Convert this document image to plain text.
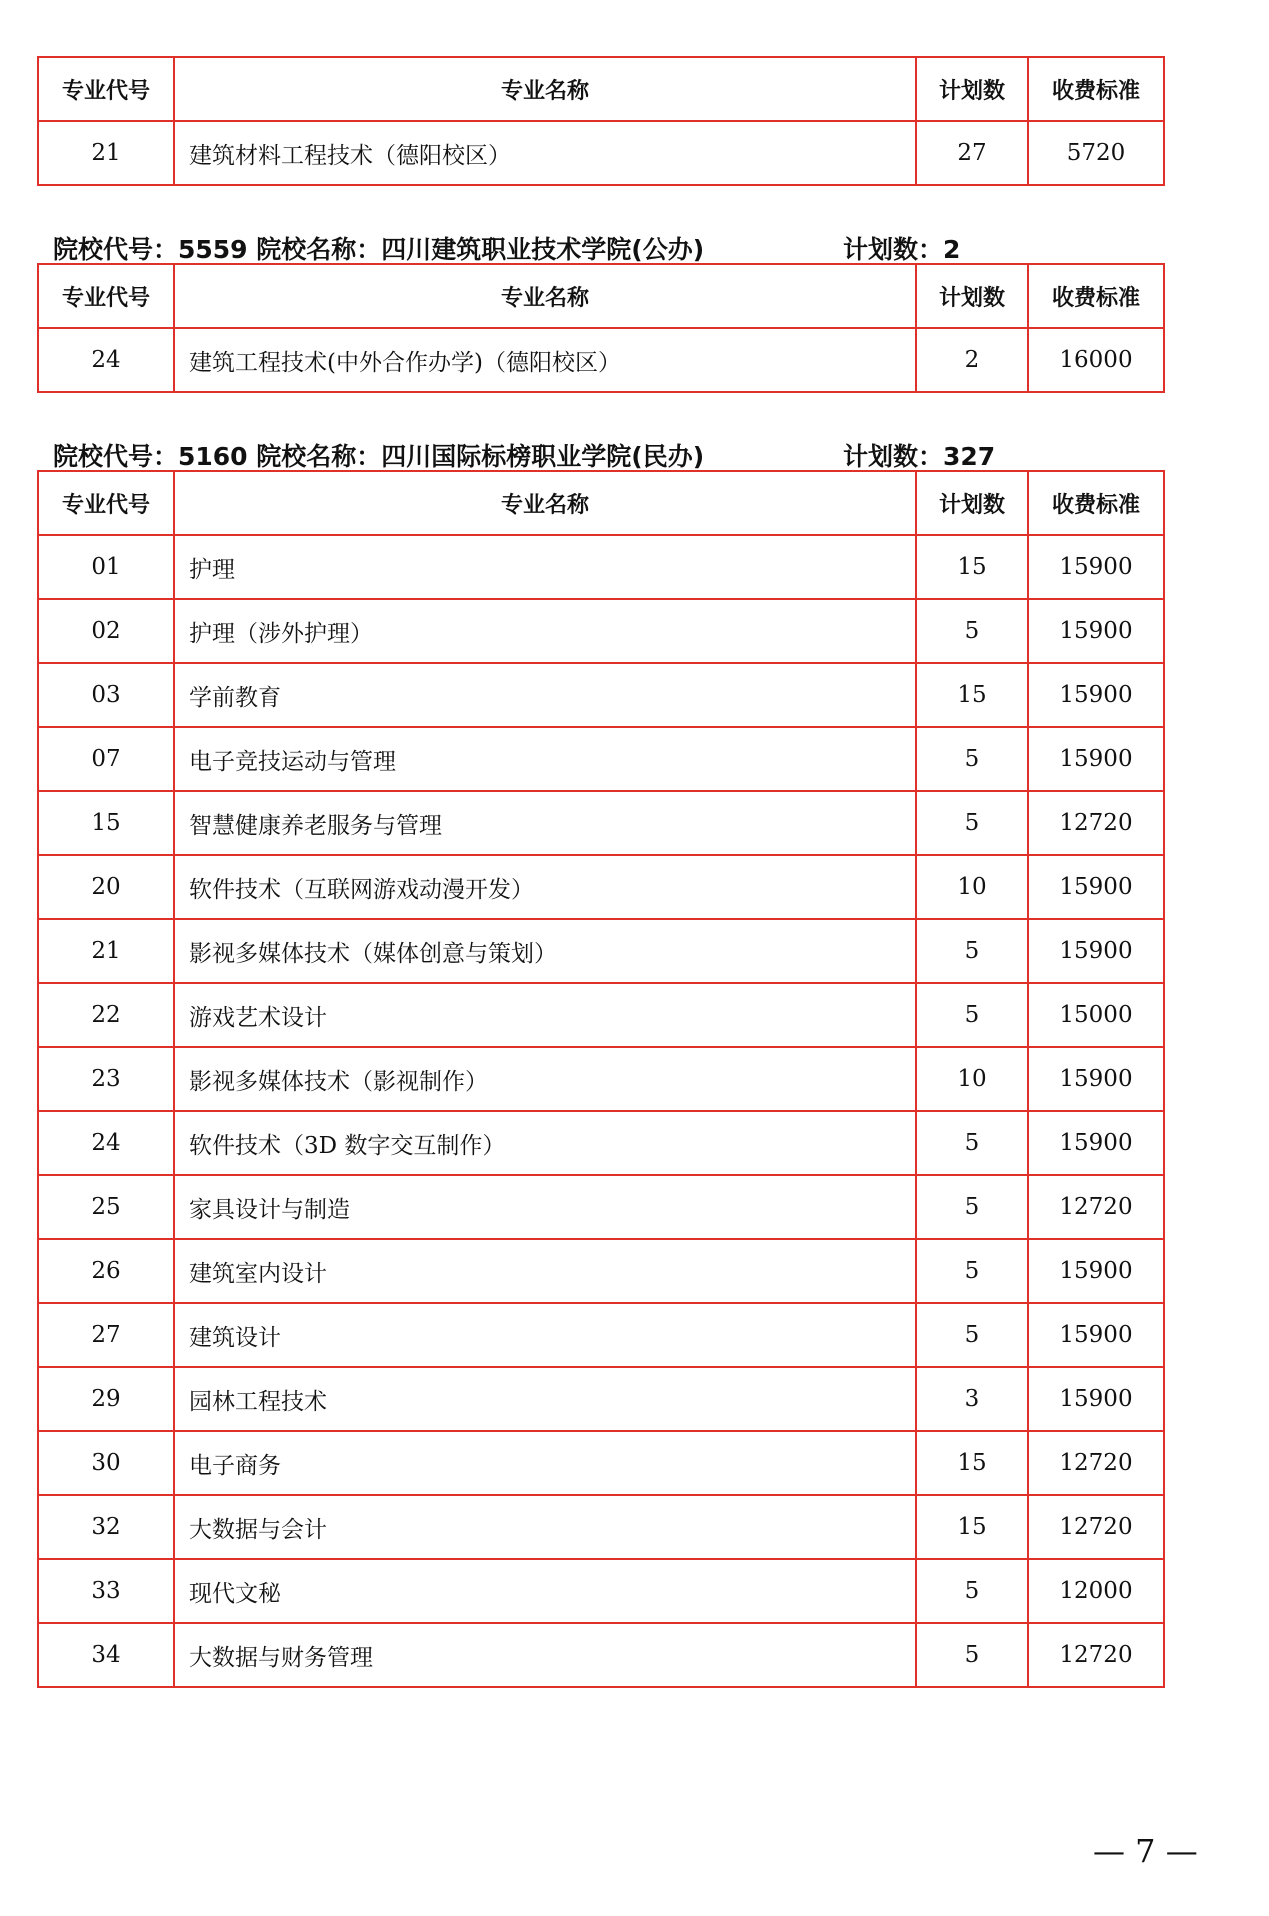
专业代号	专业名称	计划数	收费标准
21	建筑材料工程技术（德阳校区）	27	5720
院校代号：5559 院校名称：四川建筑职业技术学院(公办)	计划数：2
专业代号	专业名称	计划数	收费标准
24	建筑工程技术(中外合作办学)（德阳校区）	2	16000
院校代号：5160 院校名称：四川国际标榜职业学院(民办)	计划数：327
专业代号	专业名称	计划数	收费标准
01	护理	15	15900
02	护理（涉外护理）	5	15900
03	学前教育	15	15900
07	电子竞技运动与管理	5	15900
15	智慧健康养老服务与管理	5	12720
20	软件技术（互联网游戏动漫开发）	10	15900
21	影视多媒体技术（媒体创意与策划）	5	15900
22	游戏艺术设计	5	15000
23	影视多媒体技术（影视制作）	10	15900
24	软件技术（3D 数字交互制作）	5	15900
25	家具设计与制造	5	12720
26	建筑室内设计	5	15900
27	建筑设计	5	15900
29	园林工程技术	3	15900
30	电子商务	15	12720
32	大数据与会计	15	12720
33	现代文秘	5	12000
34	大数据与财务管理	5	12720
— 7 —
